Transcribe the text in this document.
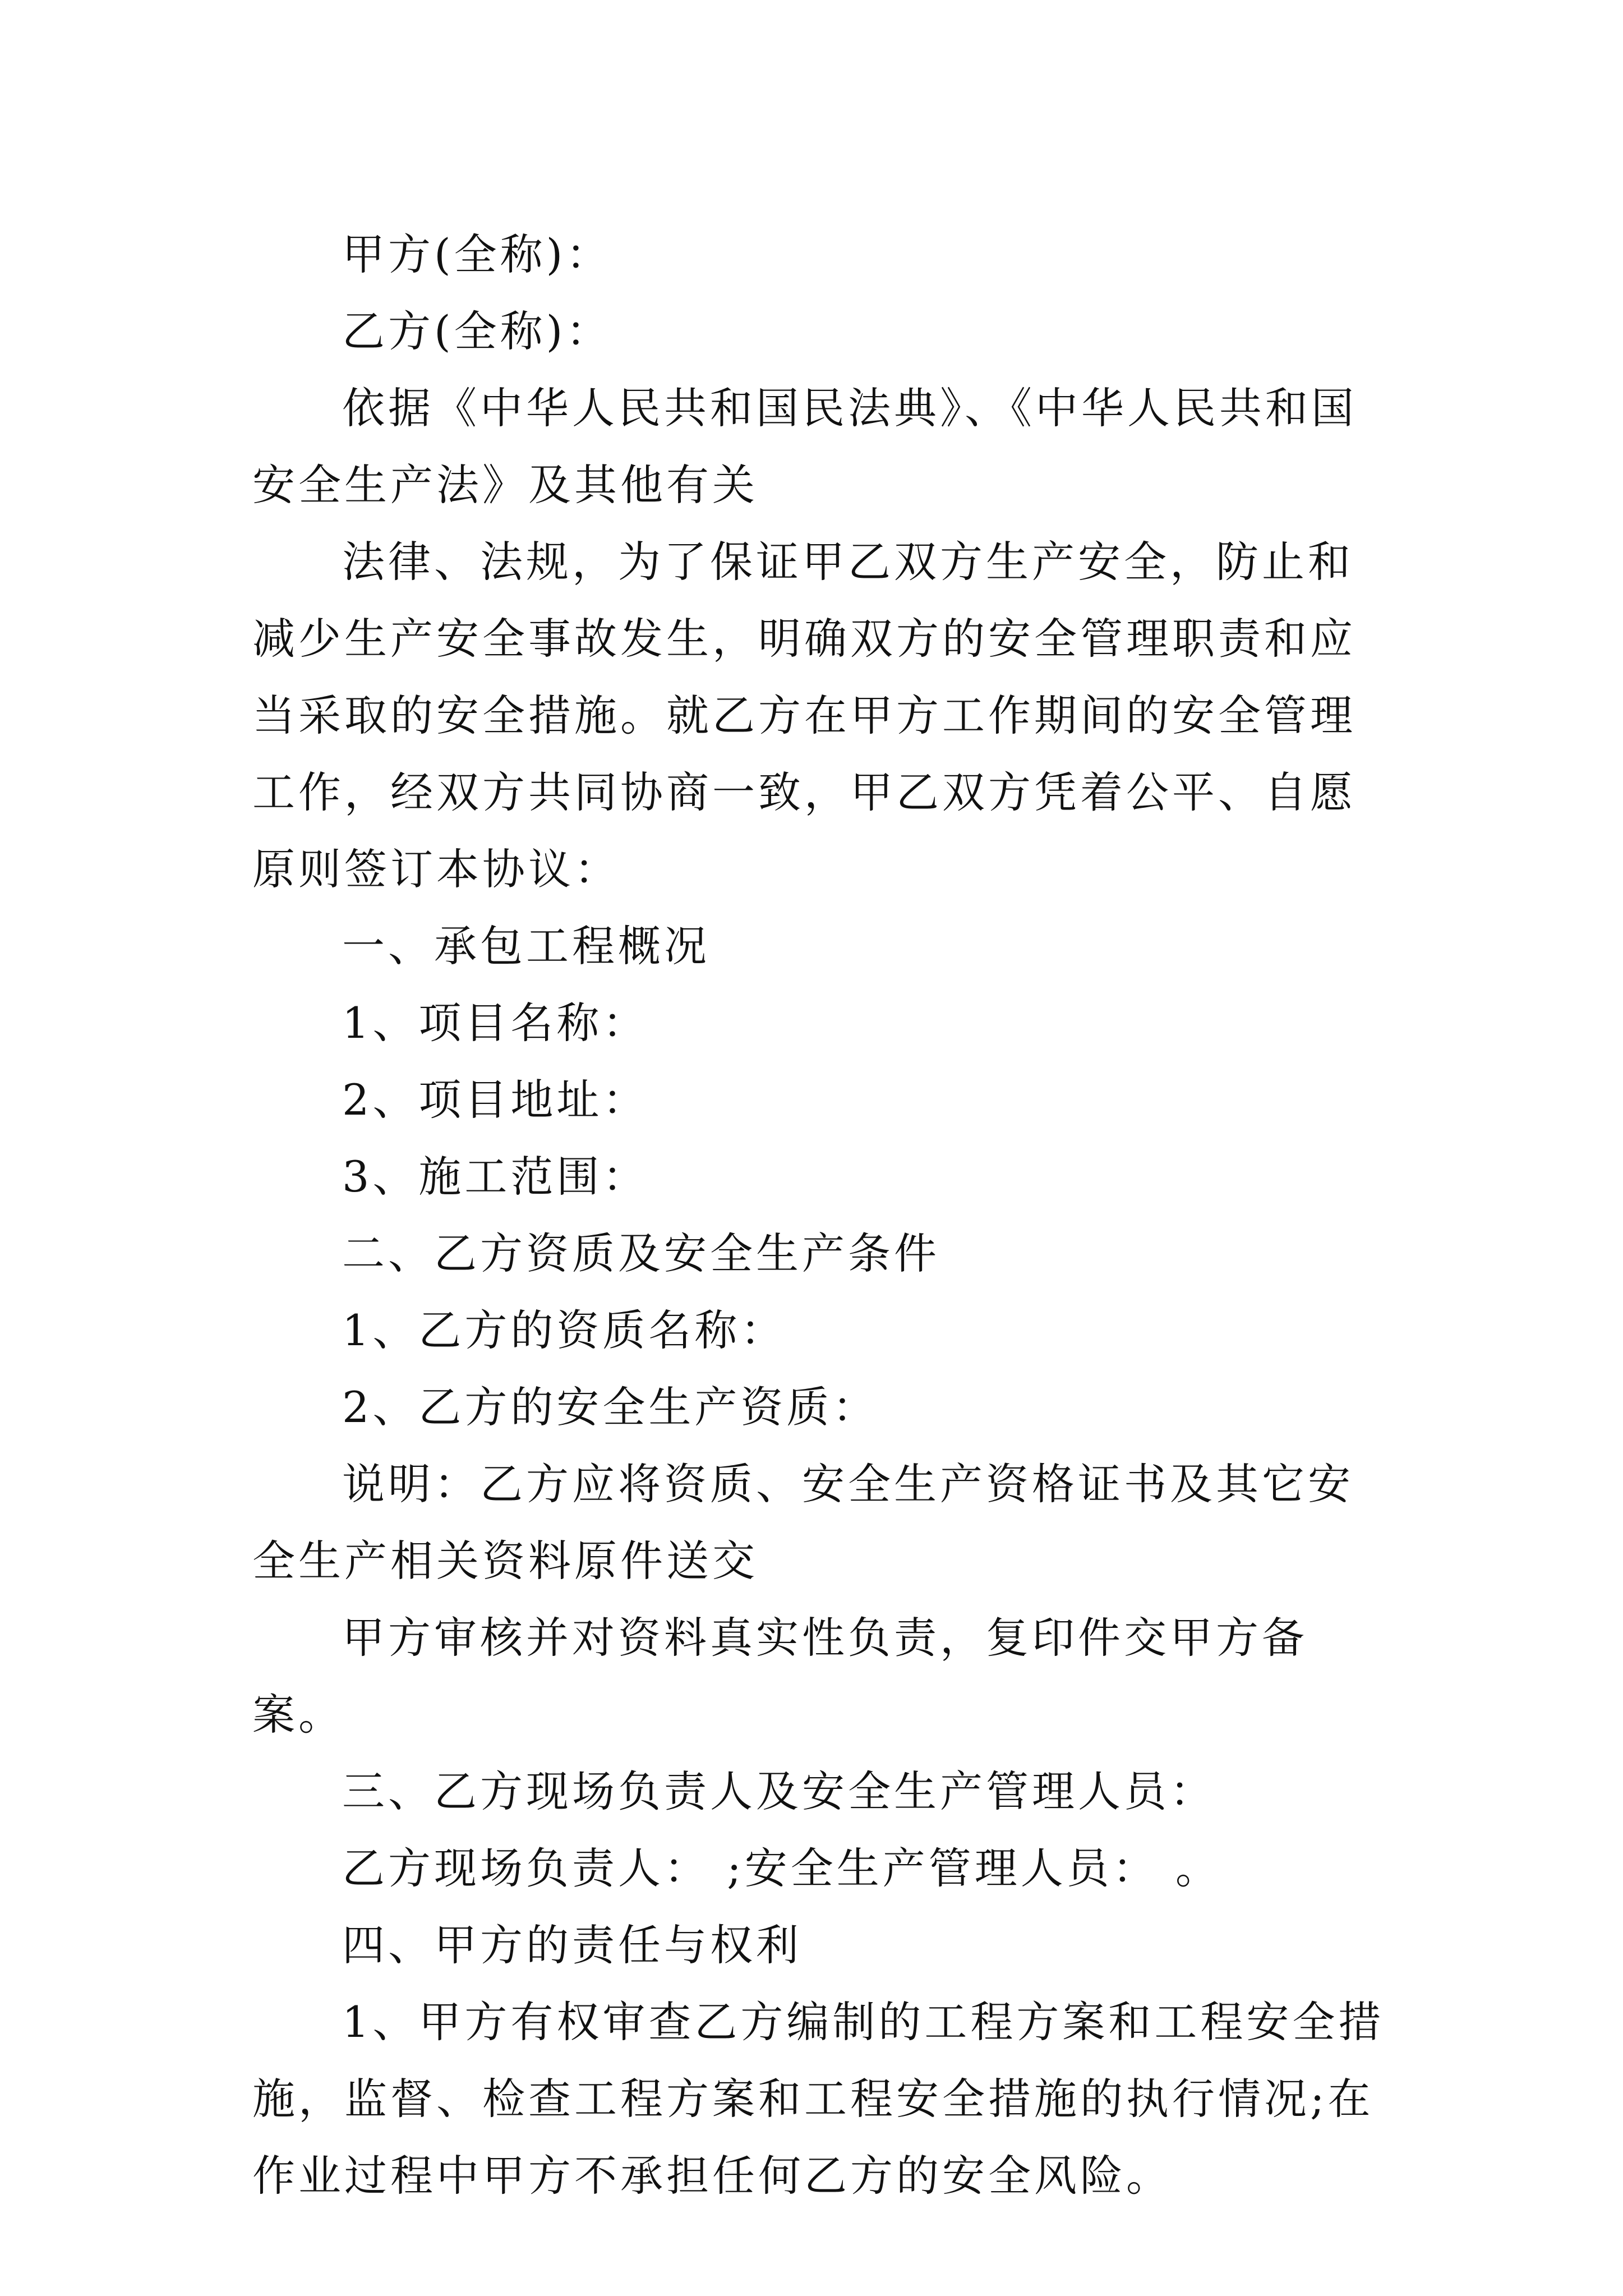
甲方(全称)：

乙方(全称)：

依据《中华人民共和国民法典》、《中华人民共和国安全生产法》及其他有关

法律、法规，为了保证甲乙双方生产安全，防止和减少生产安全事故发生，明确双方的安全管理职责和应当采取的安全措施。就乙方在甲方工作期间的安全管理工作，经双方共同协商一致，甲乙双方凭着公平、自愿原则签订本协议：

一、承包工程概况

1、项目名称：

2、项目地址：

3、施工范围：

二、乙方资质及安全生产条件

1、乙方的资质名称：

2、乙方的安全生产资质：

说明：乙方应将资质、安全生产资格证书及其它安全生产相关资料原件送交

甲方审核并对资料真实性负责，复印件交甲方备案。

三、乙方现场负责人及安全生产管理人员：

乙方现场负责人： ;安全生产管理人员： 。

四、甲方的责任与权利

1、甲方有权审查乙方编制的工程方案和工程安全措施，监督、检查工程方案和工程安全措施的执行情况;在作业过程中甲方不承担任何乙方的安全风险。
